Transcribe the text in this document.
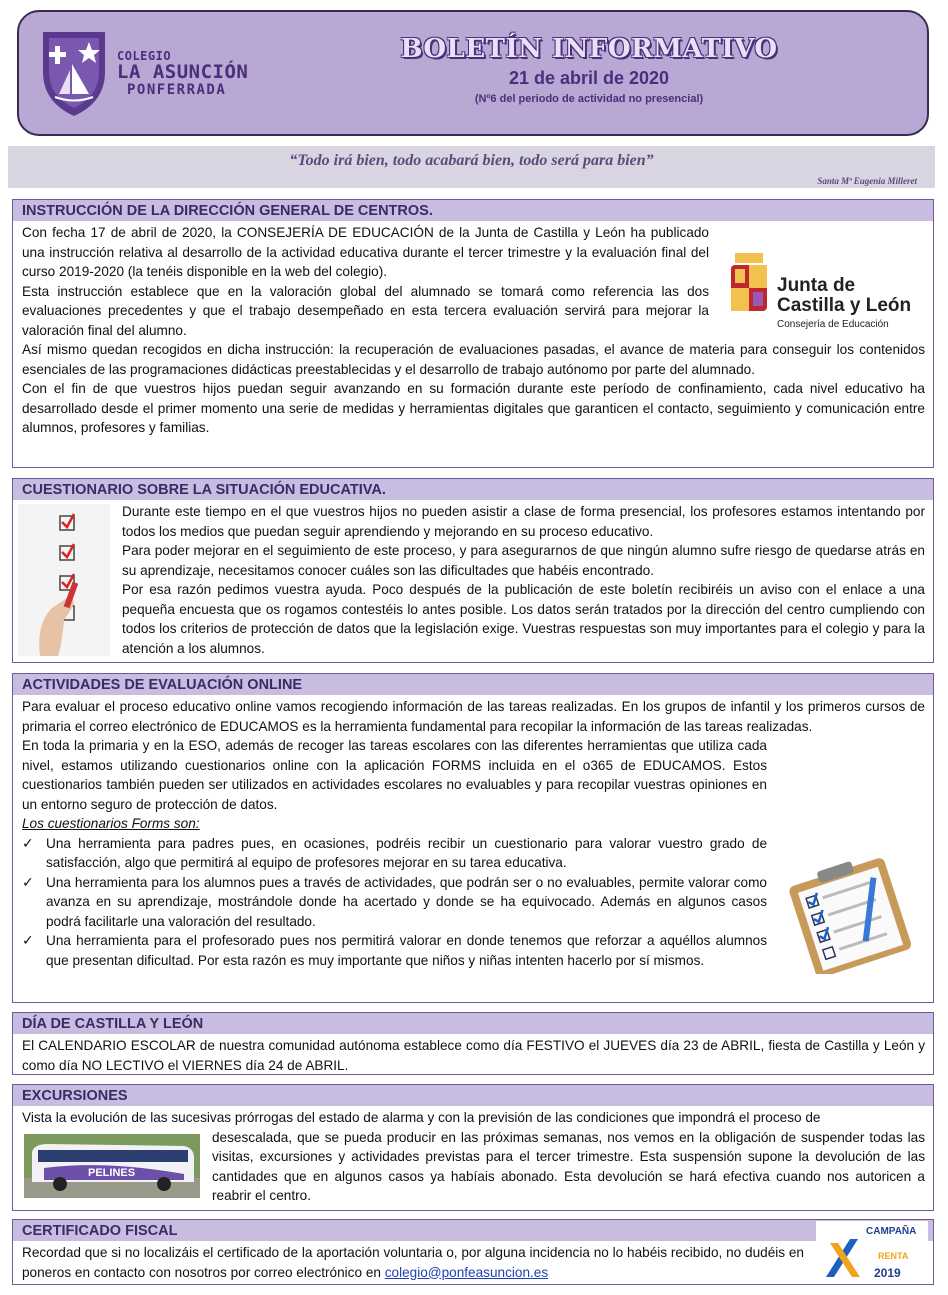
COLEGIO
LA ASUNCIÓN
PONFERRADA
BOLETÍN INFORMATIVO
21 de abril de 2020
(Nº6 del periodo de actividad no presencial)
“Todo irá bien, todo acabará bien, todo será para bien”
Santa Mª Eugenia Milleret
INSTRUCCIÓN DE LA DIRECCIÓN GENERAL DE CENTROS.
Junta de
Castilla y León
Consejería de Educación
Con fecha 17 de abril de 2020, la CONSEJERÍA DE EDUCACIÓN de la Junta de Castilla y León ha publicado una instrucción relativa al desarrollo de la actividad educativa durante el tercer trimestre y la evaluación final del curso 2019-2020 (la tenéis disponible en la web del colegio).
Esta instrucción establece que en la valoración global del alumnado se tomará como referencia las dos evaluaciones precedentes y que el trabajo desempeñado en esta tercera evaluación servirá para mejorar la valoración final del alumno.
Así mismo quedan recogidos en dicha instrucción: la recuperación de evaluaciones pasadas, el avance de materia para conseguir los contenidos esenciales de las programaciones didácticas preestablecidas y el desarrollo de trabajo autónomo por parte del alumnado.
Con el fin de que vuestros hijos puedan seguir avanzando en su formación durante este período de confinamiento, cada nivel educativo ha desarrollado desde el primer momento una serie de medidas y herramientas digitales que garanticen el contacto, seguimiento y comunicación entre alumnos, profesores y familias.
CUESTIONARIO SOBRE LA SITUACIÓN EDUCATIVA.
Durante este tiempo en el que vuestros hijos no pueden asistir a clase de forma presencial, los profesores estamos intentando por todos los medios que puedan seguir aprendiendo y mejorando en su proceso educativo.
Para poder mejorar en el seguimiento de este proceso, y para asegurarnos de que ningún alumno sufre riesgo de quedarse atrás en su aprendizaje, necesitamos conocer cuáles son las dificultades que habéis encontrado.
Por esa razón pedimos vuestra ayuda. Poco después de la publicación de este boletín recibiréis un aviso con el enlace a una pequeña encuesta que os rogamos contestéis lo antes posible. Los datos serán tratados por la dirección del centro cumpliendo con todos los criterios de protección de datos que la legislación exige. Vuestras respuestas son muy importantes para el colegio y para la atención a los alumnos.
ACTIVIDADES DE EVALUACIÓN ONLINE
Para evaluar el proceso educativo online vamos recogiendo información de las tareas realizadas. En los grupos de infantil y los primeros cursos de primaria el correo electrónico de EDUCAMOS es la herramienta fundamental para recopilar la información de las tareas realizadas.
En toda la primaria y en la ESO, además de recoger las tareas escolares con las diferentes herramientas que utiliza cada nivel, estamos utilizando cuestionarios online con la aplicación FORMS incluida en el o365 de EDUCAMOS. Estos cuestionarios también pueden ser utilizados en actividades escolares no evaluables y para recopilar vuestras opiniones en un entorno seguro de protección de datos.
Los cuestionarios Forms son:
✓ Una herramienta para padres pues, en ocasiones, podréis recibir un cuestionario para valorar vuestro grado de satisfacción, algo que permitirá al equipo de profesores mejorar en su tarea educativa.
✓ Una herramienta para los alumnos pues a través de actividades, que podrán ser o no evaluables, permite valorar como avanza en su aprendizaje, mostrándole donde ha acertado y donde se ha equivocado. Además en algunos casos podrá facilitarle una valoración del resultado.
✓ Una herramienta para el profesorado pues nos permitirá valorar en donde tenemos que reforzar a aquéllos alumnos que presentan dificultad. Por esta razón es muy importante que niños y niñas intenten hacerlo por sí mismos.
DÍA DE CASTILLA Y LEÓN
El CALENDARIO ESCOLAR de nuestra comunidad autónoma establece como día FESTIVO el JUEVES día 23 de ABRIL, fiesta de Castilla y León y como día NO LECTIVO el VIERNES día 24 de ABRIL.
EXCURSIONES
Vista la evolución de las sucesivas prórrogas del estado de alarma y con la previsión de las condiciones que impondrá el proceso de
PELINES
desescalada, que se pueda producir en las próximas semanas, nos vemos en la obligación de suspender todas las visitas, excursiones y actividades previstas para el tercer trimestre. Esta suspensión supone la devolución de las cantidades que en algunos casos ya habíais abonado. Esta devolución se hará efectiva cuando nos autoricen a reabrir el centro.
CERTIFICADO FISCAL	CAMPAÑA
RENTA
2019
Recordad que si no localizáis el certificado de la aportación voluntaria o, por alguna incidencia no lo habéis recibido, no dudéis en poneros en contacto con nosotros por correo electrónico en colegio@ponfeasuncion.es
